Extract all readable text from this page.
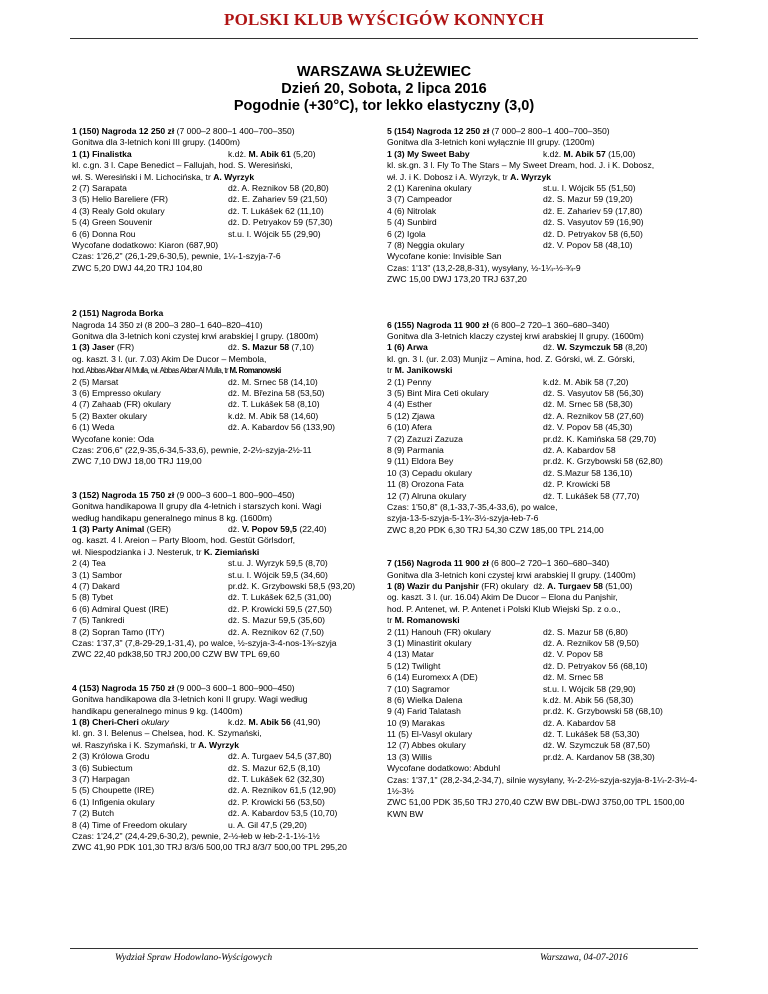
POLSKI KLUB WYŚCIGÓW KONNYCH
WARSZAWA SŁUŻEWIEC
Dzień 20, Sobota, 2 lipca 2016
Pogodnie (+30°C), tor lekko elastyczny (3,0)
1 (150) Nagroda 12 250 zł (7 000–2 800–1 400–700–350)
Gonitwa dla 3-letnich koni III grupy. (1400m)
1 (1) Finalistka	k.dż. M. Abik 61 (5,20)
kl. c.gn. 3 l. Cape Benedict – Fallujah, hod. S. Weresiński,
wł. S. Weresiński i M. Lichocińska, tr A. Wyrzyk
2 (7) Sarapata	dż. A. Reznikov 58 (20,80)
3 (5) Helio Bareliere (FR)	dż. E. Zahariev 59 (21,50)
4 (3) Realy Gold okulary	dż. T. Lukášek 62 (11,10)
5 (4) Green Souvenir	dż. D. Petryakov 59 (57,30)
6 (6) Donna Rou	st.u. I. Wójcik 55 (29,90)
Wycofane dodatkowo: Kiaron (687,90)
Czas: 1'26,2" (26,1-29,6-30,5), pewnie, 1¼-1-szyja-7-6
ZWC 5,20 DWJ 44,20 TRJ 104,80
2 (151) Nagroda Borka
Nagroda 14 350 zł (8 200–3 280–1 640–820–410)
Gonitwa dla 3-letnich koni czystej krwi arabskiej I grupy. (1800m)
1 (3) Jaser (FR)	dż. S. Mazur 58 (7,10)
og. kaszt. 3 l. (ur. 7.03) Akim De Ducor – Membola,
hod. Abbas Akbar Al Mulla, wł. Abbas Akbar Al Mulla, tr M. Romanowski
2 (5) Marsat	dż. M. Srnec 58 (14,10)
3 (6) Empresso okulary	dż. M. Březina 58 (53,50)
4 (7) Zahaab (FR) okulary	dż. T. Lukášek 58 (8,10)
5 (2) Baxter okulary	k.dż. M. Abik 58 (14,60)
6 (1) Weda	dż. A. Kabardov 56 (133,90)
Wycofane konie: Oda
Czas: 2'06,6" (22,9-35,6-34,5-33,6), pewnie, 2-2½-szyja-2½-11
ZWC 7,10 DWJ 18,00 TRJ 119,00
3 (152) Nagroda 15 750 zł (9 000–3 600–1 800–900–450)
Gonitwa handikapowa II grupy dla 4-letnich i starszych koni. Wagi
według handikapu generalnego minus 8 kg. (1600m)
1 (3) Party Animal (GER)	dż. V. Popov 59,5 (22,40)
og. kaszt. 4 l. Areion – Party Bloom, hod. Gestüt Görlsdorf,
wł. Niespodzianka i J. Nesteruk, tr K. Ziemiański
2 (4) Tea	st.u. J. Wyrzyk 59,5 (8,70)
3 (1) Sambor	st.u. I. Wójcik 59,5 (34,60)
4 (7) Dakard	pr.dż. K. Grzybowski 58,5 (93,20)
5 (8) Tybet	dż. T. Lukášek 62,5 (31,00)
6 (6) Admiral Quest (IRE)	dż. P. Krowicki 59,5 (27,50)
7 (5) Tankredi	dż. S. Mazur 59,5 (35,60)
8 (2) Sopran Tamo (ITY)	dż. A. Reznikov 62 (7,50)
Czas: 1'37,3" (7,8-29-29,1-31,4), po walce, ½-szyja-3-4-nos-1¾-szyja
ZWC 22,40 pdk38,50 TRJ 200,00 CZW BW TPL 69,60
4 (153) Nagroda 15 750 zł (9 000–3 600–1 800–900–450)
Gonitwa handikapowa dla 3-letnich koni II grupy. Wagi według
handikapu generalnego minus 9 kg. (1400m)
1 (8) Cheri-Cheri okulary	k.dż. M. Abik 56 (41,90)
kl. gn. 3 l. Belenus – Chelsea, hod. K. Szymański,
wł. Raszyńska i K. Szymański, tr A. Wyrzyk
2 (3) Królowa Grodu	dż. A. Turgaev 54,5 (37,80)
3 (6) Subiectum	dż. S. Mazur 62,5 (8,10)
3 (7) Harpagan	dż. T. Lukášek 62 (32,30)
5 (5) Choupette (IRE)	dż. A. Reznikov 61,5 (12,90)
6 (1) Infigenia okulary	dż. P. Krowicki 56 (53,50)
7 (2) Butch	dż. A. Kabardov 53,5 (10,70)
8 (4) Time of Freedom okulary	u. A. Gil 47,5 (29,20)
Czas: 1'24,2" (24,4-29,6-30,2), pewnie, 2-½-łeb w łeb-2-1-1½-1½
ZWC 41,90 PDK 101,30 TRJ 8/3/6 500,00 TRJ 8/3/7 500,00 TPL 295,20
5 (154) Nagroda 12 250 zł (7 000–2 800–1 400–700–350)
Gonitwa dla 3-letnich koni wyłącznie III grupy. (1200m)
1 (3) My Sweet Baby	k.dż. M. Abik 57 (15,00)
kl. sk.gn. 3 l. Fly To The Stars – My Sweet Dream, hod. J. i K. Dobosz,
wł. J. i K. Dobosz i A. Wyrzyk, tr A. Wyrzyk
2 (1) Karenina okulary	st.u. I. Wójcik 55 (51,50)
3 (7) Campeador	dż. S. Mazur 59 (19,20)
4 (6) Nitrolak	dż. E. Zahariev 59 (17,80)
5 (4) Sunbird	dż. S. Vasyutov 59 (16,90)
6 (2) Igola	dż. D. Petryakov 58 (6,50)
7 (8) Neggia okulary	dż. V. Popov 58 (48,10)
Wycofane konie: Invisible San
Czas: 1'13" (13,2-28,8-31), wysyłany, ½-1¼-½-¾-9
ZWC 15,00 DWJ 173,20 TRJ 637,20
6 (155) Nagroda 11 900 zł (6 800–2 720–1 360–680–340)
Gonitwa dla 3-letnich klaczy czystej krwi arabskiej II grupy. (1600m)
1 (6) Arwa	dż. W. Szymczuk 58 (8,20)
kl. gn. 3 l. (ur. 2.03) Munjiz – Amina, hod. Z. Górski, wł. Z. Górski,
tr M. Janikowski
2 (1) Penny	k.dż. M. Abik 58 (7,20)
3 (5) Bint Mira Ceti okulary	dż. S. Vasyutov 58 (56,30)
4 (4) Esther	dż. M. Srnec 58 (58,30)
5 (12) Zjawa	dż. A. Reznikov 58 (27,60)
6 (10) Afera	dż. V. Popov 58 (45,30)
7 (2) Zazuzi Zazuza	pr.dż. K. Kamińska 58 (29,70)
8 (9) Parmania	dż. A. Kabardov 58
9 (11) Eldora Bey	pr.dż. K. Grzybowski 58 (62,80)
10 (3) Cepadu okulary	dż. S.Mazur 58 136,10)
11 (8) Orozona Fata	dż. P. Krowicki 58
12 (7) Alruna okulary	dż. T. Lukášek 58 (77,70)
Czas: 1'50,8" (8,1-33,7-35,4-33,6), po walce,
szyja-13-5-szyja-5-1¾-3½-szyja-łeb-7-6
ZWC 8,20 PDK 6,30 TRJ 54,30 CZW 185,00 TPL 214,00
7 (156) Nagroda 11 900 zł (6 800–2 720–1 360–680–340)
Gonitwa dla 3-letnich koni czystej krwi arabskiej II grupy. (1400m)
1 (8) Wazir du Panjshir (FR) okulary dż. A. Turgaev 58 (51,00)
og. kaszt. 3 l. (ur. 16.04) Akim De Ducor – Elona du Panjshir,
hod. P. Antenet, wł. P. Antenet i Polski Klub Wiejski Sp. z o.o.,
tr M. Romanowski
2 (11) Hanouh (FR) okulary	dż. S. Mazur 58 (6,80)
3 (1) Minastirit okulary	dż. A. Reznikov 58 (9,50)
4 (13) Matar	dż. V. Popov 58
5 (12) Twilight	dż. D. Petryakov 56 (68,10)
6 (14) Euromexx A (DE)	dż. M. Srnec 58
7 (10) Sagramor	st.u. I. Wójcik 58 (29,90)
8 (6) Wielka Dalena	k.dż. M. Abik 56 (58,30)
9 (4) Farid Talatash	pr.dż. K. Grzybowski 58 (68,10)
10 (9) Marakas	dż. A. Kabardov 58
11 (5) El-Vasyl okulary	dż. T. Lukášek 58 (53,30)
12 (7) Abbes okulary	dż. W. Szymczuk 58 (87,50)
13 (3) Willis	pr.dż. A. Kardanov 58 (38,30)
Wycofane dodatkowo: Abduhl
Czas: 1'37,1" (28,2-34,2-34,7), silnie wysyłany, ¾-2-2½-szyja-szyja-8-1¼-2-3½-4-1½-3½
ZWC 51,00 PDK 35,50 TRJ 270,40 CZW BW DBL-DWJ 3750,00 TPL 1500,00 KWN BW
Wydział Spraw Hodowlano-Wyścigowych	Warszawa, 04-07-2016
